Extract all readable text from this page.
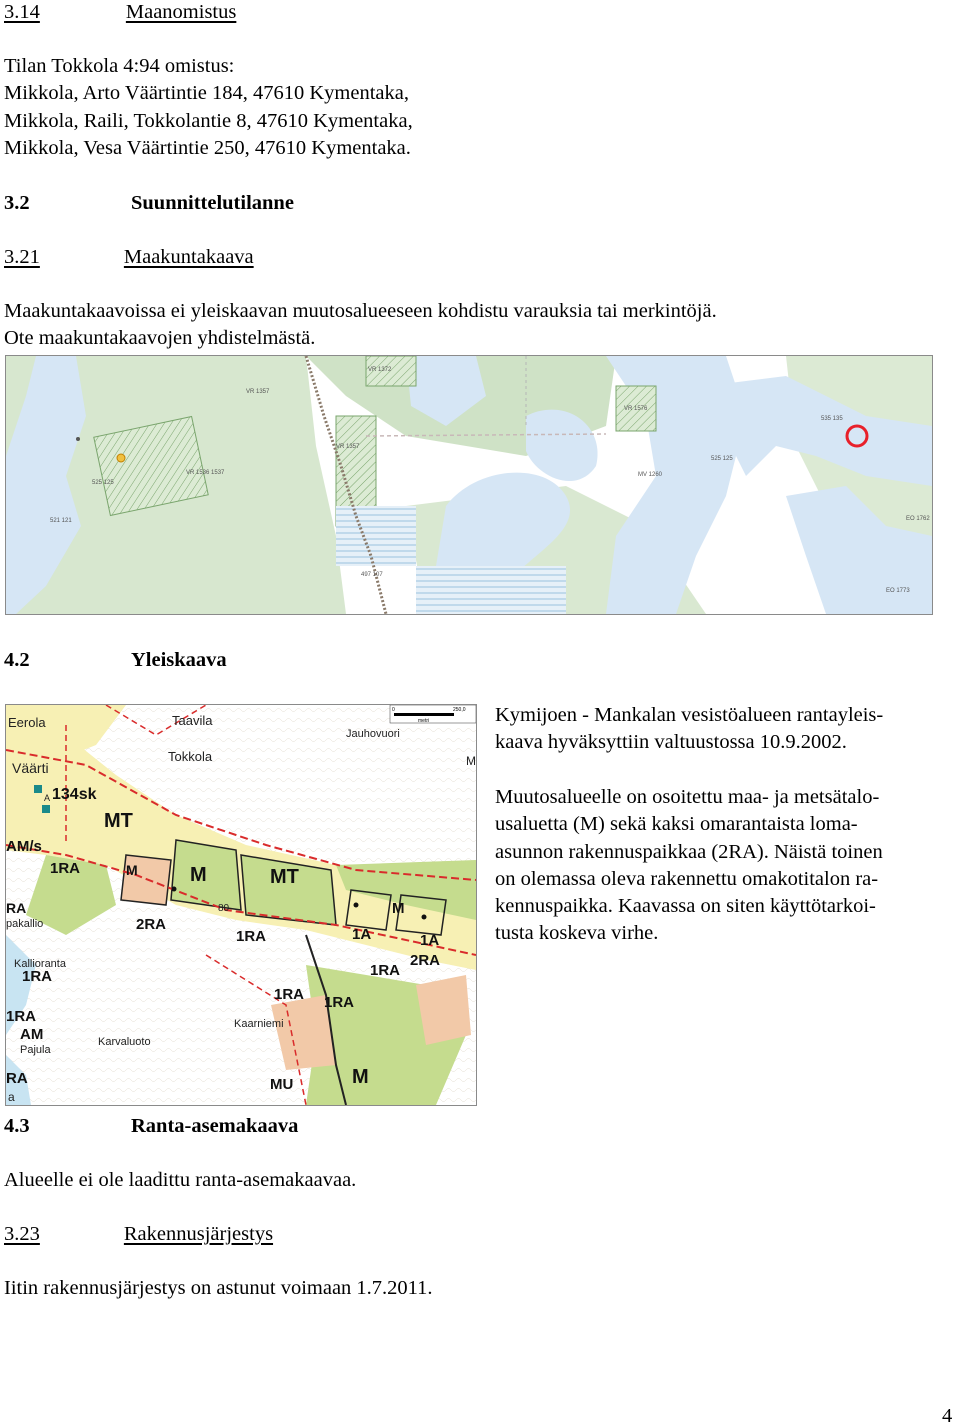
3.14	Maanomistus
Tilan Tokkola 4:94 omistus:
Mikkola, Arto Väärtintie 184, 47610 Kymentaka,
Mikkola, Raili, Tokkolantie 8, 47610 Kymentaka,
Mikkola, Vesa Väärtintie 250, 47610 Kymentaka.
3.2	Suunnittelutilanne
3.21	Maakuntakaava
Maakuntakaavoissa ei yleiskaavan muutosalueeseen kohdistu varauksia tai merkintöjä.
Ote maakuntakaavojen yhdistelmästä.
VR 1357
VR 1372
VR 1357
VR 1536 1537
525 125
521 121
497 107
VR 1576
MV 1260
525 125
535 135
EO 1762
EO 1773
4.2	Yleiskaava
0	250,0
metri
Eerola	Taavila
Tokkola
Jauhovuori
M
Väärti
134sk
A
MT
AM/s
1RA	M	M	MT
RA
pakallio	2RA
80
1RA	1A
M
1A
1RA
Kallioranta
1RA
1RA 1RA
1RA
AM
Pajula
Karvaluoto
Kaarniemi
RA
a
MU	M
2RA
Kymijoen - Mankalan vesistöalueen rantayleis-
kaava hyväksyttiin valtuustossa 10.9.2002.
Muutosalueelle on osoitettu maa- ja metsätalo-
usaluetta (M) sekä kaksi omarantaista loma-
asunnon rakennuspaikkaa (2RA). Näistä toinen
on olemassa oleva rakennettu omakotitalon ra-
kennuspaikka. Kaavassa on siten käyttötarkoi-
tusta koskeva virhe.
4.3	Ranta-asemakaava
Alueelle ei ole laadittu ranta-asemakaavaa.
3.23	Rakennusjärjestys
Iitin rakennusjärjestys on astunut voimaan 1.7.2011.
4
